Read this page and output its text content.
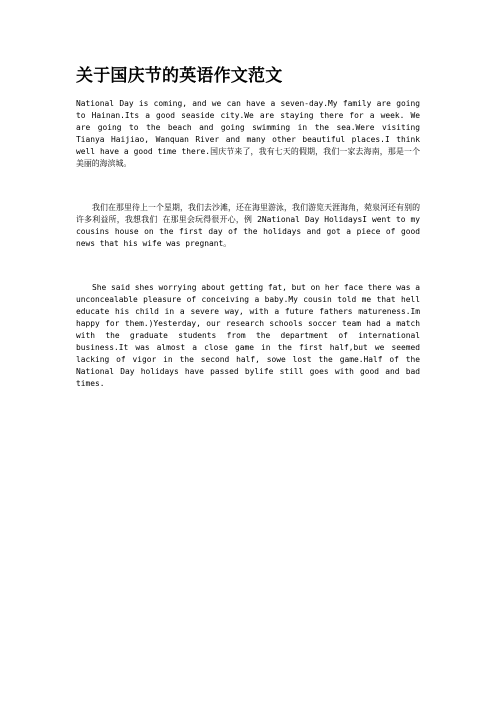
关于国庆节的英语作文范文

National Day is coming, and we can have a seven-day.My family are going to Hainan.Its a good seaside city.We are staying there for a week. We are going to the beach and going swimming in the sea.Were visiting Tianya Haijiao, Wanquan River and many other beautiful places.I think well have a good time there.国庆节来了，我有七天的假期，我们一家去海南，那是一个美丽的海滨城。

我们在那里待上一个星期，我们去沙滩，还在海里游泳，我们游览天涯海角，菀泉河还有别的许多利益所，我想我们 在那里会玩得很开心，例 2National Day HolidaysI went to my cousins house on the first day of the holidays and got a piece of good news that his wife was pregnant。

She said shes worrying about getting fat, but on her face there was a unconcealable pleasure of conceiving a baby.My cousin told me that hell educate his child in a severe way, with a future fathers matureness.Im happy for them.)Yesterday, our research schools soccer team had a match with the graduate students from the department of international business.It was almost a close game in the first half,but we seemed lacking of vigor in the second half, sowe lost the game.Half of the National Day holidays have passed bylife still goes with good and bad times.
